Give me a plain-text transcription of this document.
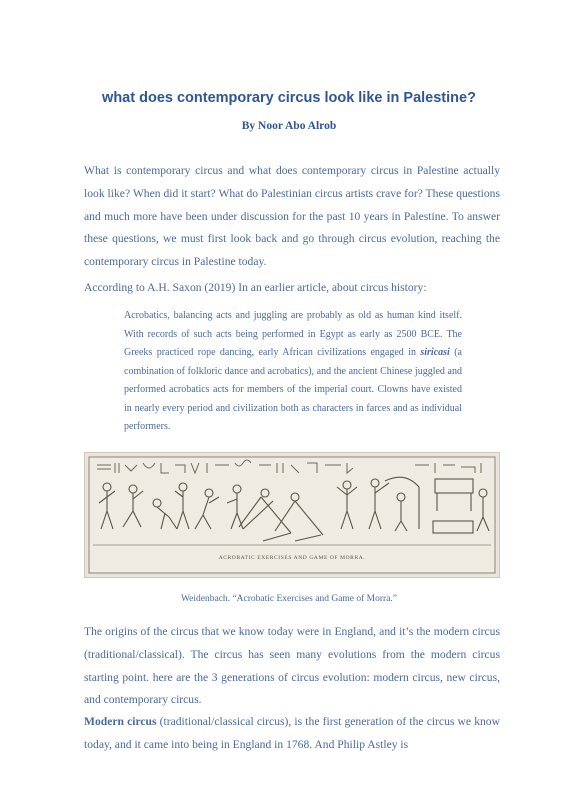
what does contemporary circus look like in Palestine?
By Noor Abo Alrob
What is contemporary circus and what does contemporary circus in Palestine actually look like? When did it start? What do Palestinian circus artists crave for? These questions and much more have been under discussion for the past 10 years in Palestine. To answer these questions, we must first look back and go through circus evolution, reaching the contemporary circus in Palestine today.
According to A.H. Saxon (2019) In an earlier article, about circus history:
Acrobatics, balancing acts and juggling are probably as old as human kind itself. With records of such acts being performed in Egypt as early as 2500 BCE. The Greeks practiced rope dancing, early African civilizations engaged in siricasi (a combination of folkloric dance and acrobatics), and the ancient Chinese juggled and performed acrobatics acts for members of the imperial court. Clowns have existed in nearly every period and civilization both as characters in farces and as individual performers.
ACROBATIC EXERCISES AND GAME OF MORRA.
Weidenbach. “Acrobatic Exercises and Game of Morra.”
The origins of the circus that we know today were in England, and it’s the modern circus (traditional/classical). The circus has seen many evolutions from the modern circus starting point. here are the 3 generations of circus evolution: modern circus, new circus, and contemporary circus.
Modern circus (traditional/classical circus), is the first generation of the circus we know today, and it came into being in England in 1768. And Philip Astley is
